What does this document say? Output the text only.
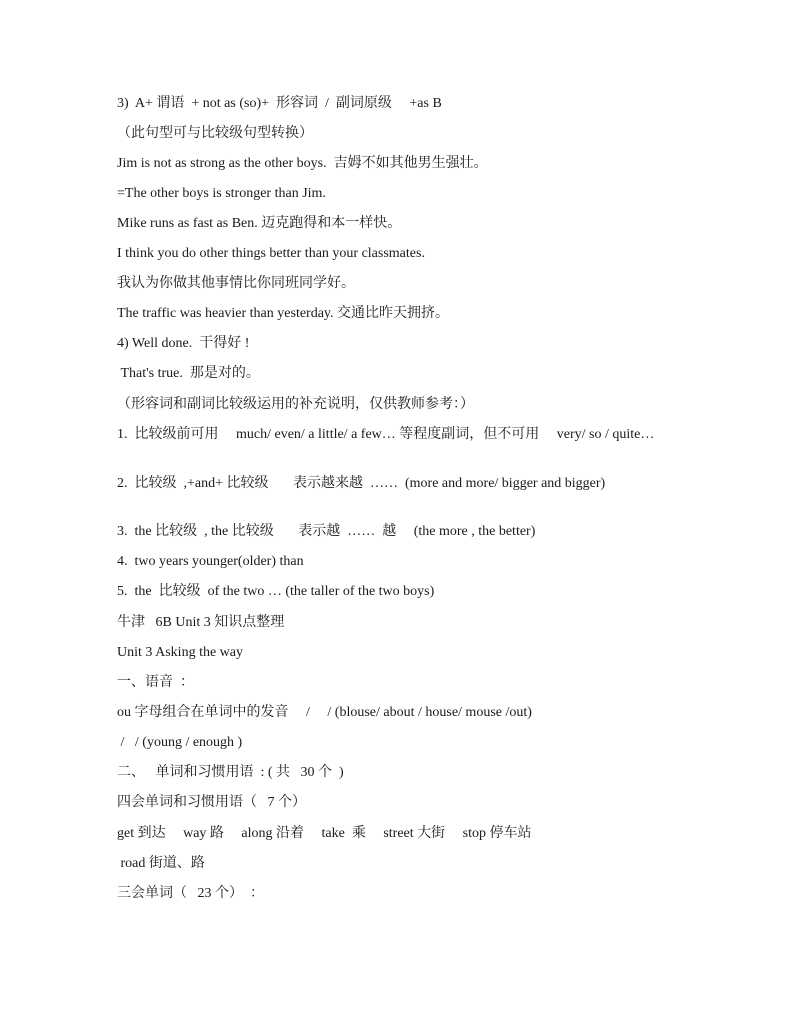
3)  A+ 谓语  + not as (so)+  形容词  /  副词原级     +as B
（此句型可与比较级句型转换）
Jim is not as strong as the other boys.  吉姆不如其他男生强壮。
=The other boys is stronger than Jim.
Mike runs as fast as Ben. 迈克跑得和本一样快。
I think you do other things better than your classmates.
我认为你做其他事情比你同班同学好。
The traffic was heavier than yesterday. 交通比昨天拥挤。
4) Well done.  干得好 !
That's true.  那是对的。
（形容词和副词比较级运用的补充说明，仅供教师参考：）
1.  比较级前可用     much/ even/ a little/ a few… 等程度副词，但不可用     very/ so / quite…
2.  比较级  ,+and+ 比较级       表示越来越  ……  (more and more/ bigger and bigger)
3.  the 比较级  , the 比较级       表示越  ……  越     (the more , the better)
4.  two years younger(older) than
5.  the  比较级  of the two … (the taller of the two boys)
牛津   6B Unit 3 知识点整理
Unit 3 Asking the way
一、语音  ：
ou 字母组合在单词中的发音     /     / (blouse/ about / house/ mouse /out)
/   / (young / enough )
二、   单词和习惯用语  : ( 共   30 个  )
四会单词和习惯用语（   7 个）
get 到达     way 路     along 沿着     take  乘     street 大街     stop 停车站
road 街道、路
三会单词（   23 个）  ：
